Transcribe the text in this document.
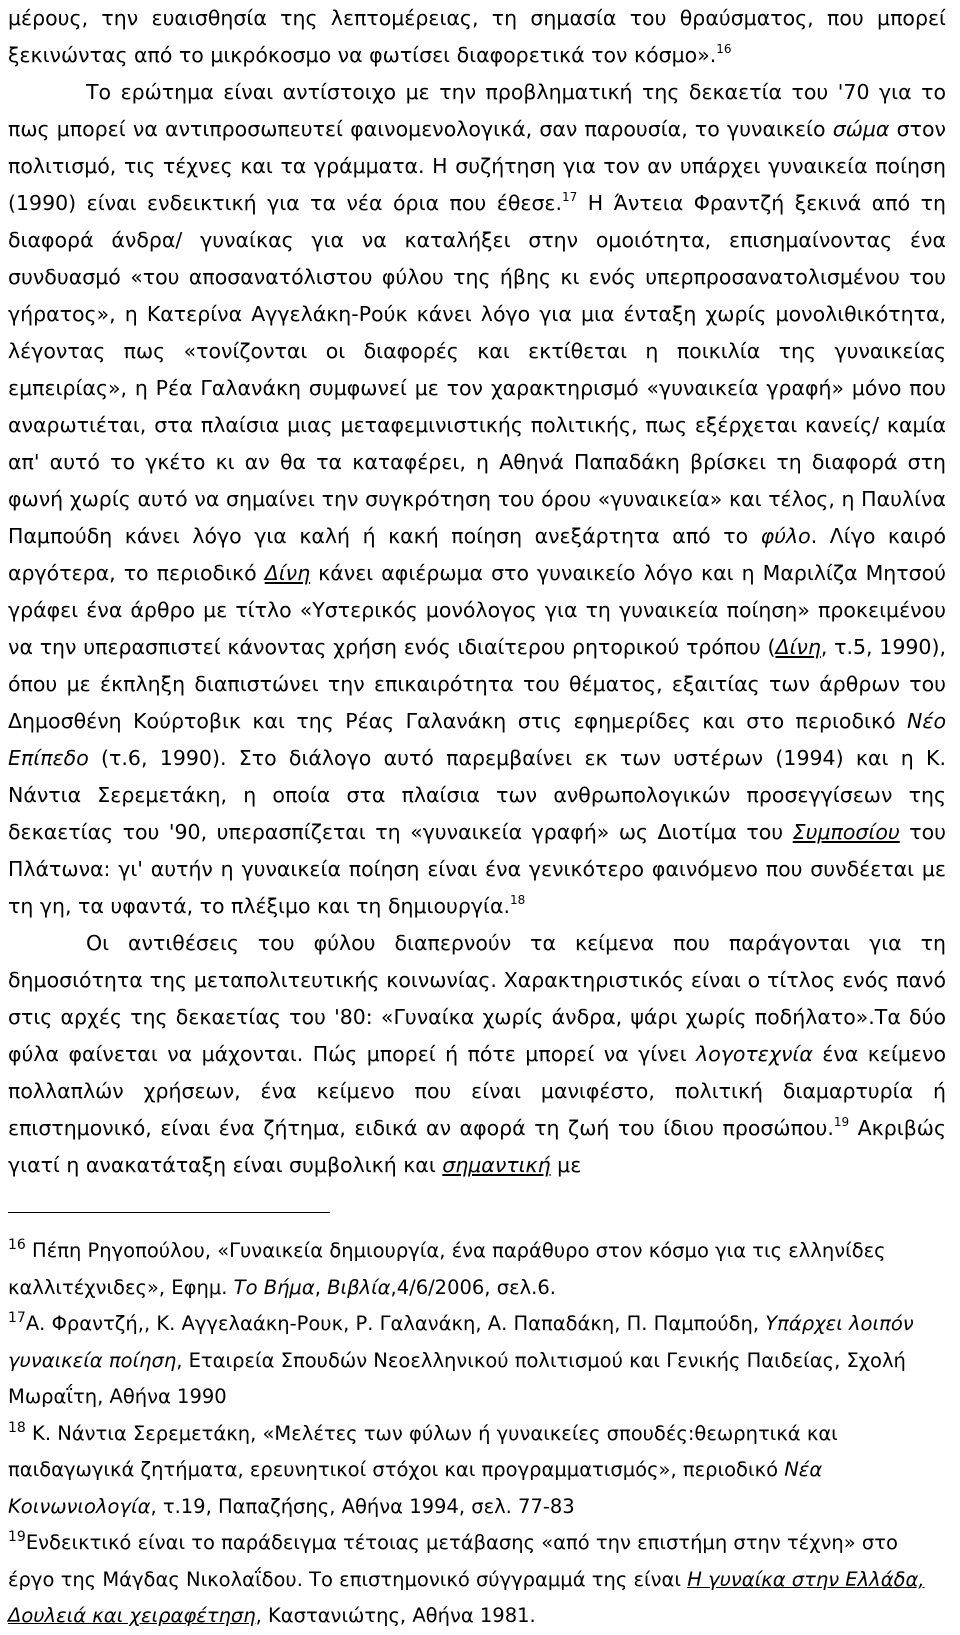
μέρους, την ευαισθησία της λεπτομέρειας, τη σημασία του θραύσματος, που μπορεί ξεκινώντας από το μικρόκοσμο να φωτίσει διαφορετικά τον κόσμο».$^{16}$

Το ερώτημα είναι αντίστοιχο με την προβληματική της δεκαετία του '70 για το πως μπορεί να αντιπροσωπευτεί φαινομενολογικά, σαν παρουσία, το γυναικείο σώμα στον πολιτισμό, τις τέχνες και τα γράμματα. Η συζήτηση για τον αν υπάρχει γυναικεία ποίηση (1990) είναι ενδεικτική για τα νέα όρια που έθεσε.$^{17}$ Η Άντεια Φραντζή ξεκινά από τη διαφορά άνδρα/ γυναίκας για να καταλήξει στην ομοιότητα, επισημαίνοντας ένα συνδυασμό «του αποσανατόλιστου φύλου της ήβης κι ενός υπερπροσανατολισμένου του γήρατος», η Κατερίνα Αγγελάκη-Ρούκ κάνει λόγο για μια ένταξη χωρίς μονολιθικότητα, λέγοντας πως «τονίζονται οι διαφορές και εκτίθεται η ποικιλία της γυναικείας εμπειρίας», η Ρέα Γαλανάκη συμφωνεί με τον χαρακτηρισμό «γυναικεία γραφή» μόνο που αναρωτιέται, στα πλαίσια μιας μεταφεμινιστικής πολιτικής, πως εξέρχεται κανείς/ καμία απ' αυτό το γκέτο κι αν θα τα καταφέρει, η Αθηνά Παπαδάκη βρίσκει τη διαφορά στη φωνή χωρίς αυτό να σημαίνει την συγκρότηση του όρου «γυναικεία» και τέλος, η Παυλίνα Παμπούδη κάνει λόγο για καλή ή κακή ποίηση ανεξάρτητα από το φύλο. Λίγο καιρό αργότερα, το περιοδικό Δίνη κάνει αφιέρωμα στο γυναικείο λόγο και η Μαριλίζα Μητσού γράφει ένα άρθρο με τίτλο «Υστερικός μονόλογος για τη γυναικεία ποίηση» προκειμένου να την υπερασπιστεί κάνοντας χρήση ενός ιδιαίτερου ρητορικού τρόπου (Δίνη, τ.5, 1990), όπου με έκπληξη διαπιστώνει την επικαιρότητα του θέματος, εξαιτίας των άρθρων του Δημοσθένη Κούρτοβικ και της Ρέας Γαλανάκη στις εφημερίδες και στο περιοδικό Νέο Επίπεδο (τ.6, 1990). Στο διάλογο αυτό παρεμβαίνει εκ των υστέρων (1994) και η Κ. Νάντια Σερεμετάκη, η οποία στα πλαίσια των ανθρωπολογικών προσεγγίσεων της δεκαετίας του '90, υπερασπίζεται τη «γυναικεία γραφή» ως Διοτίμα του Συμποσίου του Πλάτωνα: γι' αυτήν η γυναικεία ποίηση είναι ένα γενικότερο φαινόμενο που συνδέεται με τη γη, τα υφαντά, το πλέξιμο και τη δημιουργία.$^{18}$

Οι αντιθέσεις του φύλου διαπερνούν τα κείμενα που παράγονται για τη δημοσιότητα της μεταπολιτευτικής κοινωνίας. Χαρακτηριστικός είναι ο τίτλος ενός πανό στις αρχές της δεκαετίας του '80: «Γυναίκα χωρίς άνδρα, ψάρι χωρίς ποδήλατο».Τα δύο φύλα φαίνεται να μάχονται. Πώς μπορεί ή πότε μπορεί να γίνει λογοτεχνία ένα κείμενο πολλαπλών χρήσεων, ένα κείμενο που είναι μανιφέστο, πολιτική διαμαρτυρία ή επιστημονικό, είναι ένα ζήτημα, ειδικά αν αφορά τη ζωή του ίδιου προσώπου.$^{19}$ Ακριβώς γιατί η ανακατάταξη είναι συμβολική και σημαντική με

$^{16}$ Πέπη Ρηγοπούλου, «Γυναικεία δημιουργία, ένα παράθυρο στον κόσμο για τις ελληνίδες καλλιτέχνιδες», Εφημ. Το Βήμα, Βιβλία,4/6/2006, σελ.6.

$^{17}$Α. Φραντζή,, Κ. Αγγελαάκη-Ρουκ, Ρ. Γαλανάκη, Α. Παπαδάκη, Π. Παμπούδη, Υπάρχει λοιπόν γυναικεία ποίηση, Εταιρεία Σπουδών Νεοελληνικού πολιτισμού και Γενικής Παιδείας, Σχολή Μωραΐτη, Αθήνα 1990

$^{18}$ Κ. Νάντια Σερεμετάκη, «Μελέτες των φύλων ή γυναικείες σπουδές:θεωρητικά και παιδαγωγικά ζητήματα, ερευνητικοί στόχοι και προγραμματισμός», περιοδικό Νέα Κοινωνιολογία, τ.19, Παπαζήσης, Αθήνα 1994, σελ. 77-83

$^{19}$Ενδεικτικό είναι το παράδειγμα τέτοιας μετάβασης «από την επιστήμη στην τέχνη» στο έργο της Μάγδας Νικολαΐδου. Το επιστημονικό σύγγραμμά της είναι Η γυναίκα στην Ελλάδα, Δουλειά και χειραφέτηση, Καστανιώτης, Αθήνα 1981.
